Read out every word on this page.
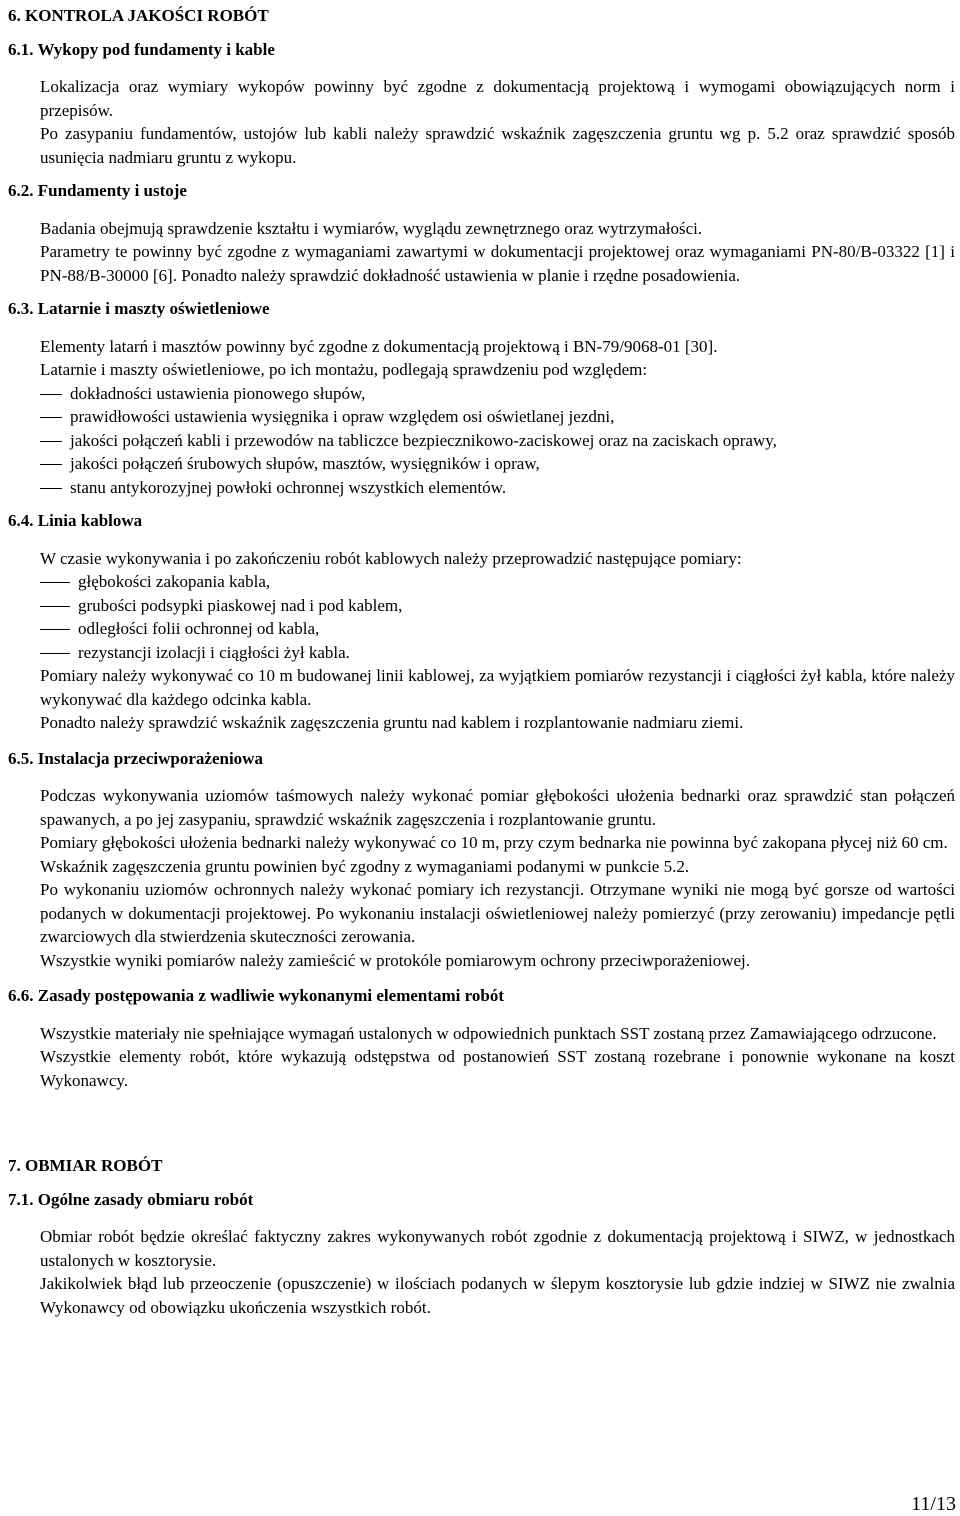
6. KONTROLA JAKOŚCI ROBÓT
6.1. Wykopy pod fundamenty i kable

Lokalizacja oraz wymiary wykopów powinny być zgodne z dokumentacją projektową i wymogami obowiązujących norm i przepisów.

Po zasypaniu fundamentów, ustojów lub kabli należy sprawdzić wskaźnik zagęszczenia gruntu wg p. 5.2 oraz sprawdzić sposób usunięcia nadmiaru gruntu z wykopu.

6.2. Fundamenty i ustoje

Badania obejmują sprawdzenie kształtu i wymiarów, wyglądu zewnętrznego oraz wytrzymałości.

Parametry te powinny być zgodne z wymaganiami zawartymi w dokumentacji projektowej oraz wymaganiami PN-80/B-03322 [1] i PN-88/B-30000 [6]. Ponadto należy sprawdzić dokładność ustawienia w planie i rzędne posadowienia.

6.3. Latarnie i maszty oświetleniowe

Elementy latarń i masztów powinny być zgodne z dokumentacją projektową i BN-79/9068-01 [30].

Latarnie i maszty oświetleniowe, po ich montażu, podlegają sprawdzeniu pod względem:

dokładności ustawienia pionowego słupów,
prawidłowości ustawienia wysięgnika i opraw względem osi oświetlanej jezdni,
jakości połączeń kabli i przewodów na tabliczce bezpiecznikowo-zaciskowej oraz na zaciskach oprawy,
jakości połączeń śrubowych słupów, masztów, wysięgników i opraw,
stanu antykorozyjnej powłoki ochronnej wszystkich elementów.
6.4. Linia kablowa

W czasie wykonywania i po zakończeniu robót kablowych należy przeprowadzić następujące pomiary:

głębokości zakopania kabla,
grubości podsypki piaskowej nad i pod kablem,
odległości folii ochronnej od kabla,
rezystancji izolacji i ciągłości żył kabla.

Pomiary należy wykonywać co 10 m budowanej linii kablowej, za wyjątkiem pomiarów rezystancji i ciągłości żył kabla, które należy wykonywać dla każdego odcinka kabla.

Ponadto należy sprawdzić wskaźnik zagęszczenia gruntu nad kablem i rozplantowanie nadmiaru ziemi.

6.5. Instalacja przeciwporażeniowa

Podczas wykonywania uziomów taśmowych należy wykonać pomiar głębokości ułożenia bednarki oraz sprawdzić stan połączeń spawanych, a po jej zasypaniu, sprawdzić wskaźnik zagęszczenia i rozplantowanie gruntu.

Pomiary głębokości ułożenia bednarki należy wykonywać co 10 m, przy czym bednarka nie powinna być zakopana płycej niż 60 cm.

Wskaźnik zagęszczenia gruntu powinien być zgodny z wymaganiami podanymi w punkcie 5.2.

Po wykonaniu uziomów ochronnych należy wykonać pomiary ich rezystancji. Otrzymane wyniki nie mogą być gorsze od wartości podanych w dokumentacji projektowej. Po wykonaniu instalacji oświetleniowej należy pomierzyć (przy zerowaniu) impedancje pętli zwarciowych dla stwierdzenia skuteczności zerowania.

Wszystkie wyniki pomiarów należy zamieścić w protokóle pomiarowym ochrony przeciwporażeniowej.

6.6. Zasady postępowania z wadliwie wykonanymi elementami robót

Wszystkie materiały nie spełniające wymagań ustalonych w odpowiednich punktach SST zostaną przez Zamawiającego odrzucone.

Wszystkie elementy robót, które wykazują odstępstwa od postanowień SST zostaną rozebrane i ponownie wykonane na koszt Wykonawcy.

7. OBMIAR ROBÓT
7.1. Ogólne zasady obmiaru robót

Obmiar robót będzie określać faktyczny zakres wykonywanych robót zgodnie z dokumentacją projektową i SIWZ, w jednostkach ustalonych w kosztorysie.

Jakikolwiek błąd lub przeoczenie (opuszczenie) w ilościach podanych w ślepym kosztorysie lub gdzie indziej w SIWZ nie zwalnia Wykonawcy od obowiązku ukończenia wszystkich robót.

11/13
